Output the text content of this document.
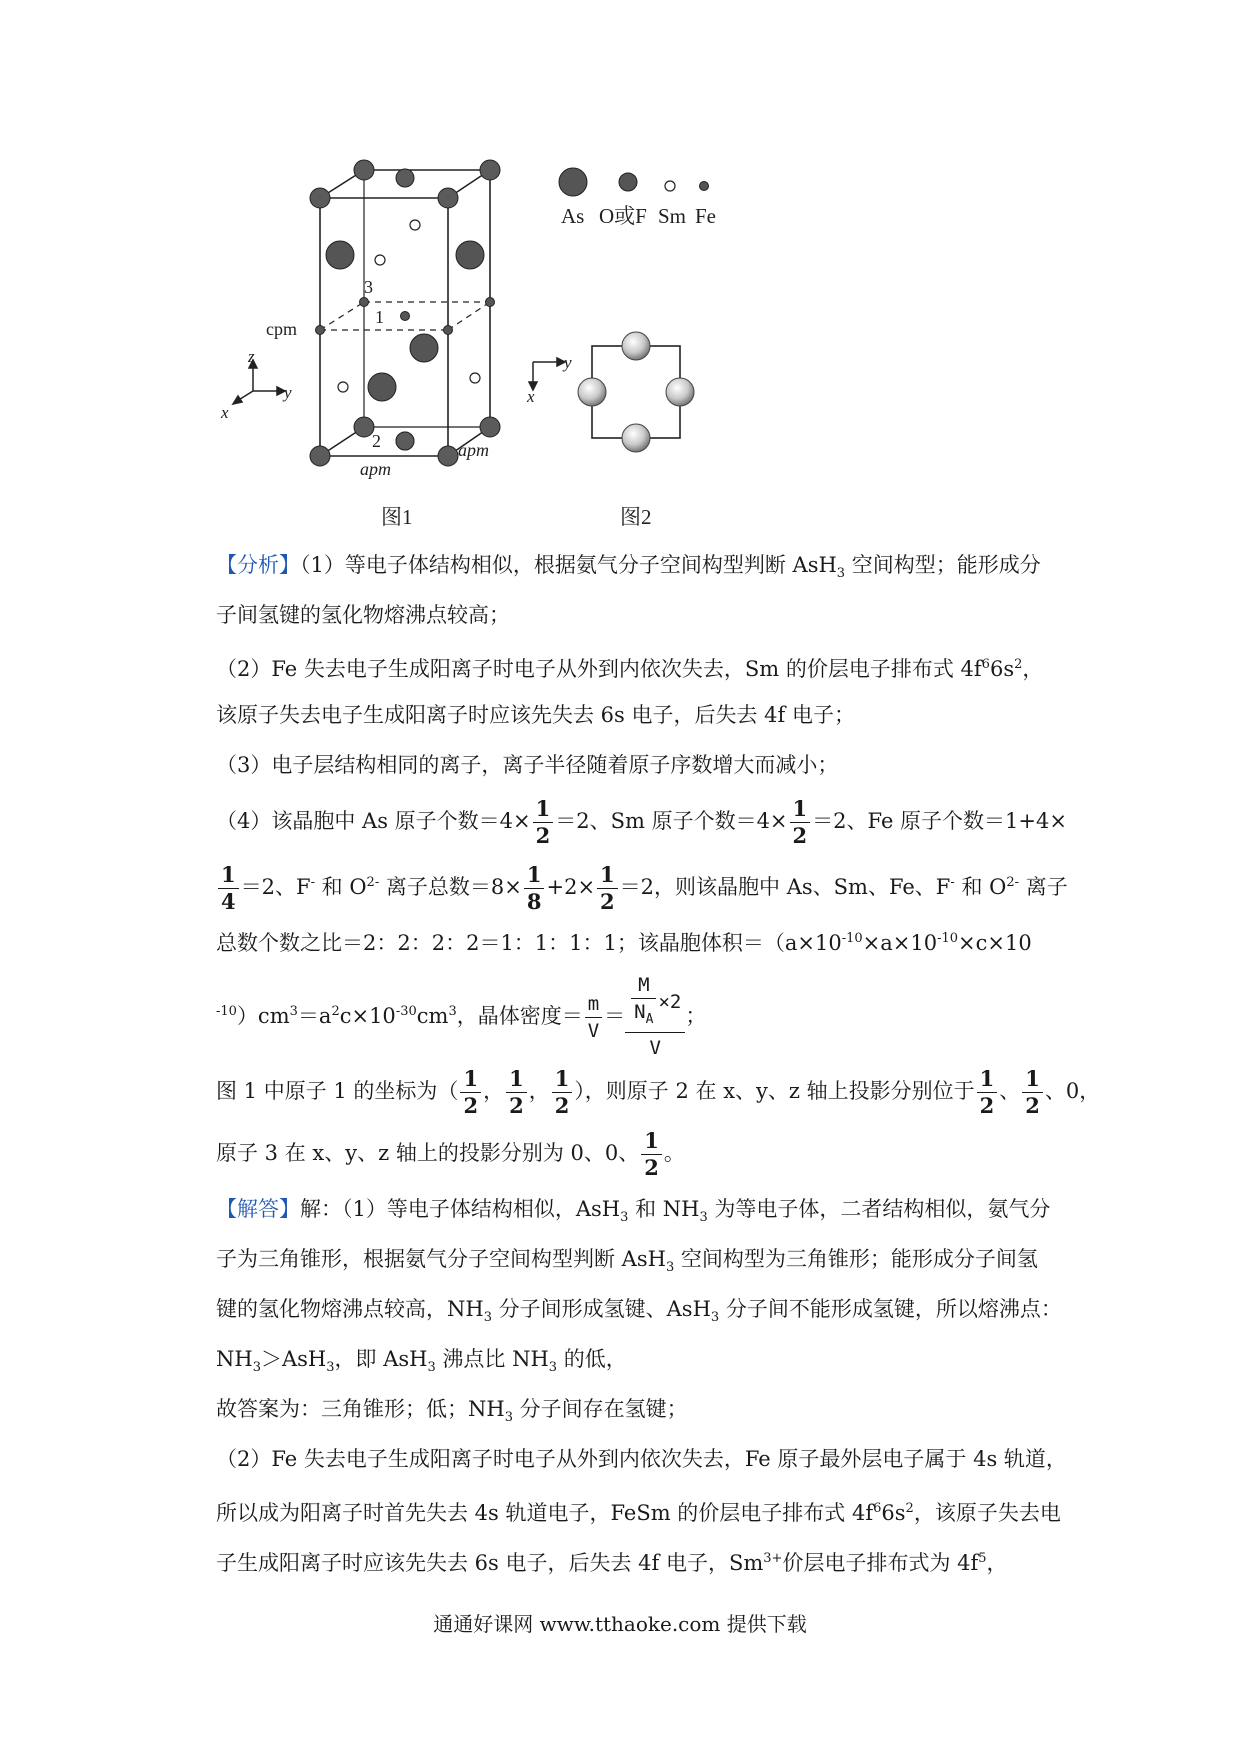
3
1
2
cpm
apm
apm
z
y
x
As O或F Sm Fe
y
x
图1	图2
【分析】（1）等电子体结构相似，根据氨气分子空间构型判断 AsH$_3$ 空间构型；能形成分
子间氢键的氢化物熔沸点较高；
（2）Fe 失去电子生成阳离子时电子从外到内依次失去，Sm 的价层电子排布式 $4f^66s^2$，
该原子失去电子生成阳离子时应该先失去 6s 电子，后失去 4f 电子；
（3）电子层结构相同的离子，离子半径随着原子序数增大而减小；
（4）该晶胞中 As 原子个数$=4\times \frac{1}{2} =2$、Sm 原子个数$=4\times \frac{1}{2} =2$、Fe 原子个数＝1+4×
$\frac{1}{4} =2$、F- 和 $O^{2-}$ 离子总数$=8\times \frac{1}{8} +2\times \frac{1}{2} =2$，则该晶胞中 As、Sm、Fe、F- 和 $O^{2-}$ 离子
总数个数之比＝2：2：2：2＝1：1：1：1；该晶胞体积$=(a\times 10^{-10}\times a\times 10^{-10}\times c\times 10$
$^{-10})cm^3=a^2c\times 10^{-30}cm^3$，晶体密度＝ $\frac{m}{V} = \frac{\frac{M}{N_A} \times 2}{V}$ ；
图 1 中原子 1 的坐标为（ $\frac{1}{2}$ ， $\frac{1}{2}$ ， $\frac{1}{2}$ ），则原子 2 在 x、y、z 轴上投影分别位于 $\frac{1}{2}$ 、 $\frac{1}{2}$ 、0，
原子 3 在 x、y、z 轴上的投影分别为 0、0、 $\frac{1}{2}$ 。
【解答】解：（1）等电子体结构相似，AsH$_3$ 和 $NH_3$ 为等电子体，二者结构相似，氨气分
子为三角锥形，根据氨气分子空间构型判断 AsH$_3$ 空间构型为三角锥形；能形成分子间氢
键的氢化物熔沸点较高，$NH_3$ 分子间形成氢键、AsH$_3$ 分子间不能形成氢键，所以熔沸点：
$NH_3>AsH_3$，即 AsH$_3$ 沸点比 $NH_3$ 的低，
故答案为：三角锥形；低；$NH_3$ 分子间存在氢键；
（2）Fe 失去电子生成阳离子时电子从外到内依次失去，Fe 原子最外层电子属于 4s 轨道，
所以成为阳离子时首先失去 4s 轨道电子，FeSm 的价层电子排布式 $4f^66s^2$，该原子失去电
子生成阳离子时应该先失去 6s 电子，后失去 4f 电子，$Sm^{3+}$价层电子排布式为 $4f^5$，
通通好课网 www.tthaoke.com 提供下载
